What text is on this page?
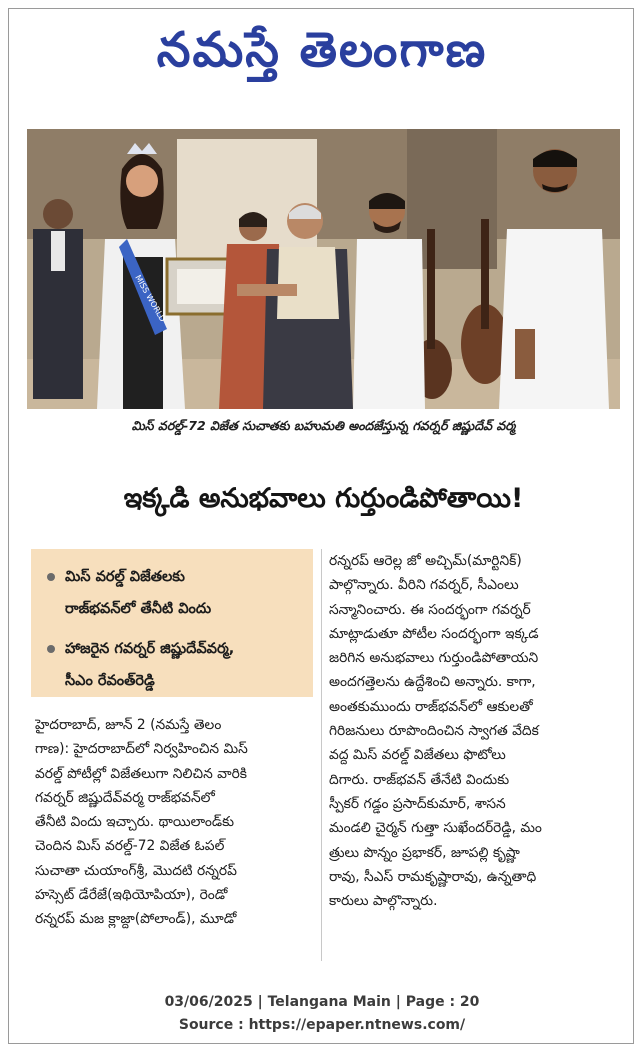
నమస్తే తెలంగాణ
MISS WORLD
మిస్ వరల్డ్-72 విజేత సుచాతకు బహుమతి అందజేస్తున్న గవర్నర్ జిష్ణుదేవ్ వర్మ
ఇక్కడి అనుభవాలు గుర్తుండిపోతాయి!
మిస్ వరల్డ్ విజేతలకు
రాజ్‌భవన్‌లో తేనీటి విందు
హాజరైన గవర్నర్ జిష్ణుదేవ్‌వర్మ,
సీఎం రేవంత్‌రెడ్డి
హైదరాబాద్, జూన్ 2 (నమస్తే తెలం
గాణ): హైదరాబాద్‌లో నిర్వహించిన మిస్
వరల్డ్ పోటీల్లో విజేతలుగా నిలిచిన వారికి
గవర్నర్ జిష్ణుదేవ్‌వర్మ రాజ్‌భవన్‌లో
తేనీటి విందు ఇచ్చారు. థాయిలాండ్‌కు
చెందిన మిస్ వరల్డ్-72 విజేత ఓపల్
సుచాతా చుయాంగ్‌శ్రీ, మొదటి రన్నరప్
హస్సెట్ డేరేజే(ఇథియోపియా), రెండో
రన్నరప్ మజ క్లాజ్దా(పోలాండ్), మూడో
రన్నరప్ ఆరెల్ల జో అచ్చిమ్(మార్టినిక్)
పాల్గొన్నారు. వీరిని గవర్నర్, సీఎంలు
సన్మానించారు. ఈ సందర్భంగా గవర్నర్
మాట్లాడుతూ పోటీల సందర్భంగా ఇక్కడ
జరిగిన అనుభవాలు గుర్తుండిపోతాయని
అందగత్తెలను ఉద్దేశించి అన్నారు. కాగా,
అంతకుముందు రాజ్‌భవన్‌లో ఆకులతో
గిరిజనులు రూపొందించిన స్వాగత వేదిక
వద్ద మిస్ వరల్డ్ విజేతలు ఫొటోలు
దిగారు. రాజ్‌భవన్ తేనేటి విందుకు
స్పీకర్ గడ్డం ప్రసాద్‌కుమార్, శాసన
మండలి చైర్మన్ గుత్తా సుఖేందర్‌రెడ్డి, మం
త్రులు పొన్నం ప్రభాకర్, జూపల్లి కృష్ణా
రావు, సీఎస్ రామకృష్ణారావు, ఉన్నతాధి
కారులు పాల్గొన్నారు.
03/06/2025 | Telangana Main | Page : 20
Source : https://epaper.ntnews.com/
